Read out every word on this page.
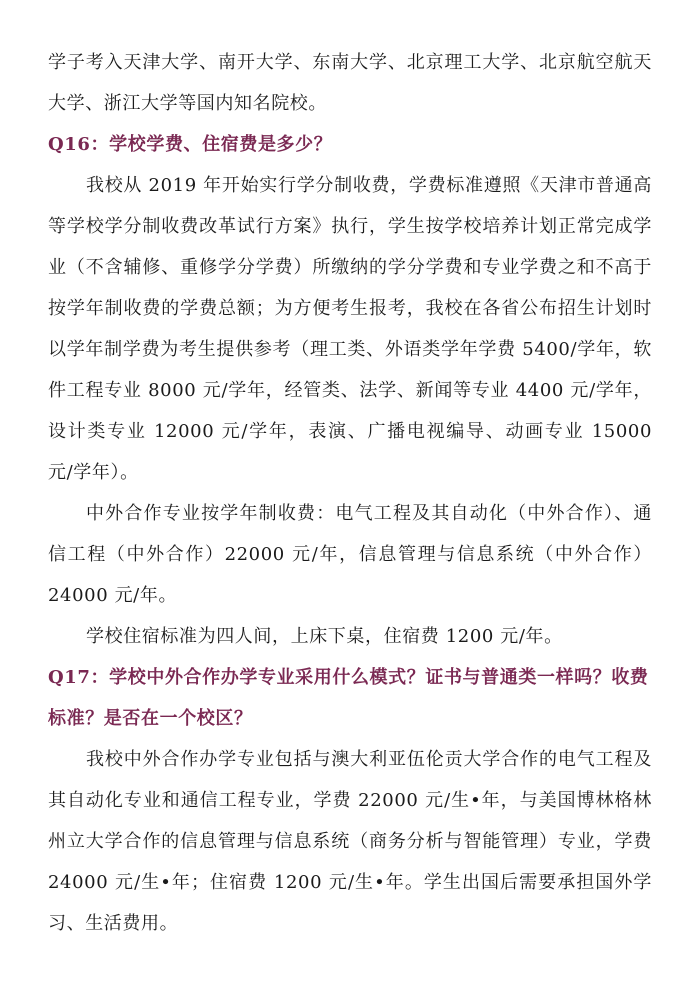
学子考入天津大学、南开大学、东南大学、北京理工大学、北京航空航天大学、浙江大学等国内知名院校。

Q16：学校学费、住宿费是多少？

我校从 2019 年开始实行学分制收费，学费标准遵照《天津市普通高等学校学分制收费改革试行方案》执行，学生按学校培养计划正常完成学业（不含辅修、重修学分学费）所缴纳的学分学费和专业学费之和不高于按学年制收费的学费总额；为方便考生报考，我校在各省公布招生计划时以学年制学费为考生提供参考（理工类、外语类学年学费 5400/学年，软件工程专业 8000 元/学年，经管类、法学、新闻等专业 4400 元/学年，设计类专业 12000 元/学年，表演、广播电视编导、动画专业 15000 元/学年）。

中外合作专业按学年制收费：电气工程及其自动化（中外合作）、通信工程（中外合作）22000 元/年，信息管理与信息系统（中外合作）24000 元/年。

学校住宿标准为四人间，上床下桌，住宿费 1200 元/年。

Q17：学校中外合作办学专业采用什么模式？证书与普通类一样吗？收费标准？是否在一个校区？

我校中外合作办学专业包括与澳大利亚伍伦贡大学合作的电气工程及其自动化专业和通信工程专业，学费 22000 元/生•年，与美国博林格林州立大学合作的信息管理与信息系统（商务分析与智能管理）专业，学费 24000 元/生•年；住宿费 1200 元/生•年。学生出国后需要承担国外学习、生活费用。
